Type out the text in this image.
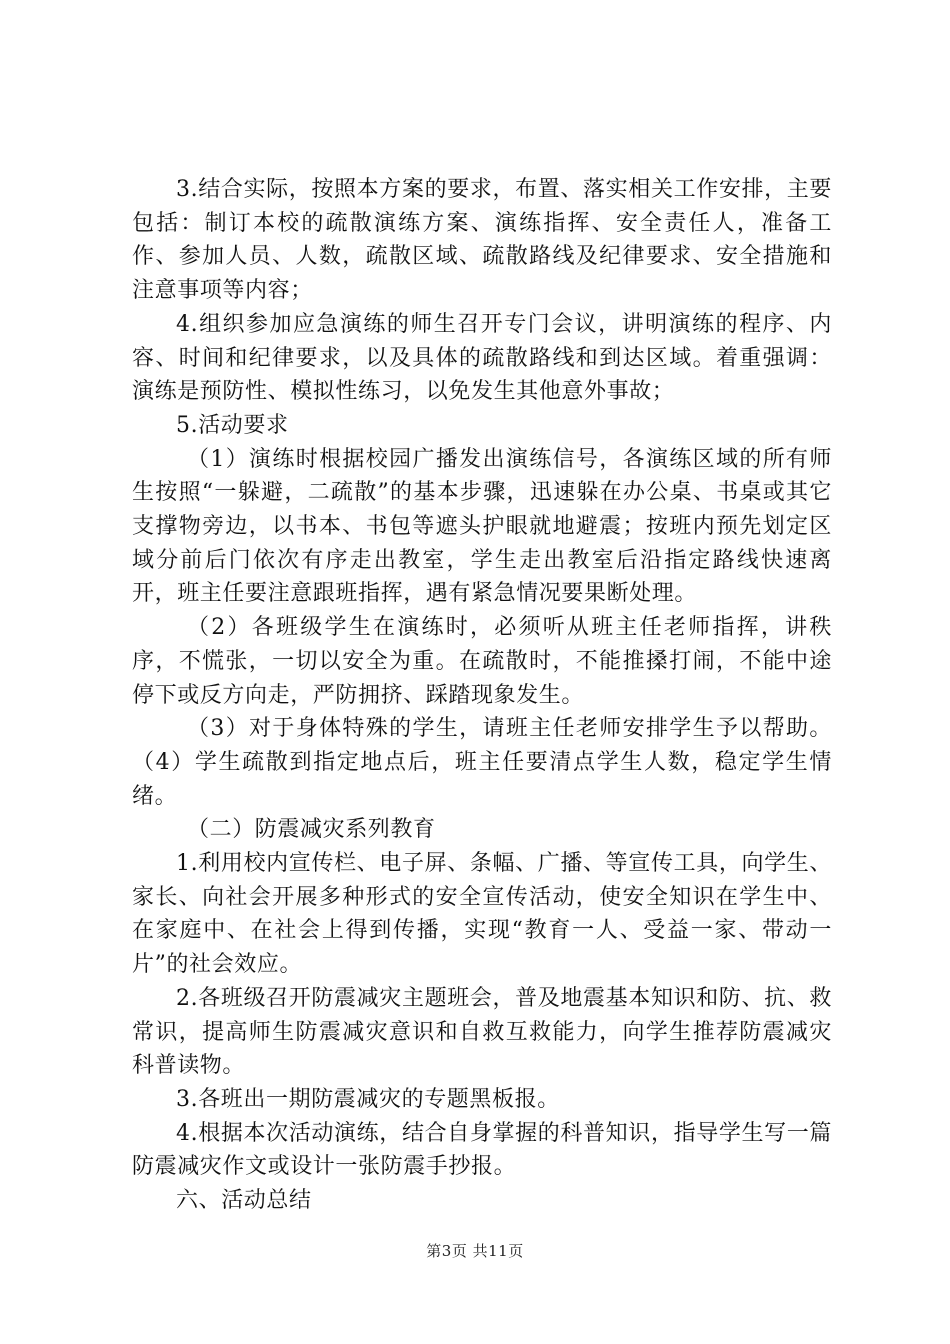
3.结合实际，按照本方案的要求，布置、落实相关工作安排，主要包括：制订本校的疏散演练方案、演练指挥、安全责任人，准备工作、参加人员、人数，疏散区域、疏散路线及纪律要求、安全措施和注意事项等内容；

4.组织参加应急演练的师生召开专门会议，讲明演练的程序、内容、时间和纪律要求，以及具体的疏散路线和到达区域。着重强调：演练是预防性、模拟性练习，以免发生其他意外事故；

5.活动要求

（1）演练时根据校园广播发出演练信号，各演练区域的所有师生按照“一躲避，二疏散”的基本步骤，迅速躲在办公桌、书桌或其它支撑物旁边，以书本、书包等遮头护眼就地避震；按班内预先划定区域分前后门依次有序走出教室，学生走出教室后沿指定路线快速离开，班主任要注意跟班指挥，遇有紧急情况要果断处理。

（2）各班级学生在演练时，必须听从班主任老师指挥，讲秩序，不慌张，一切以安全为重。在疏散时，不能推搡打闹，不能中途停下或反方向走，严防拥挤、踩踏现象发生。

（3）对于身体特殊的学生，请班主任老师安排学生予以帮助。（4）学生疏散到指定地点后，班主任要清点学生人数，稳定学生情绪。

（二）防震减灾系列教育

1.利用校内宣传栏、电子屏、条幅、广播、等宣传工具，向学生、家长、向社会开展多种形式的安全宣传活动，使安全知识在学生中、在家庭中、在社会上得到传播，实现“教育一人、受益一家、带动一片”的社会效应。

2.各班级召开防震减灾主题班会，普及地震基本知识和防、抗、救常识，提高师生防震减灾意识和自救互救能力，向学生推荐防震减灾科普读物。

3.各班出一期防震减灾的专题黑板报。

4.根据本次活动演练，结合自身掌握的科普知识，指导学生写一篇防震减灾作文或设计一张防震手抄报。

六、活动总结

第3页 共11页
